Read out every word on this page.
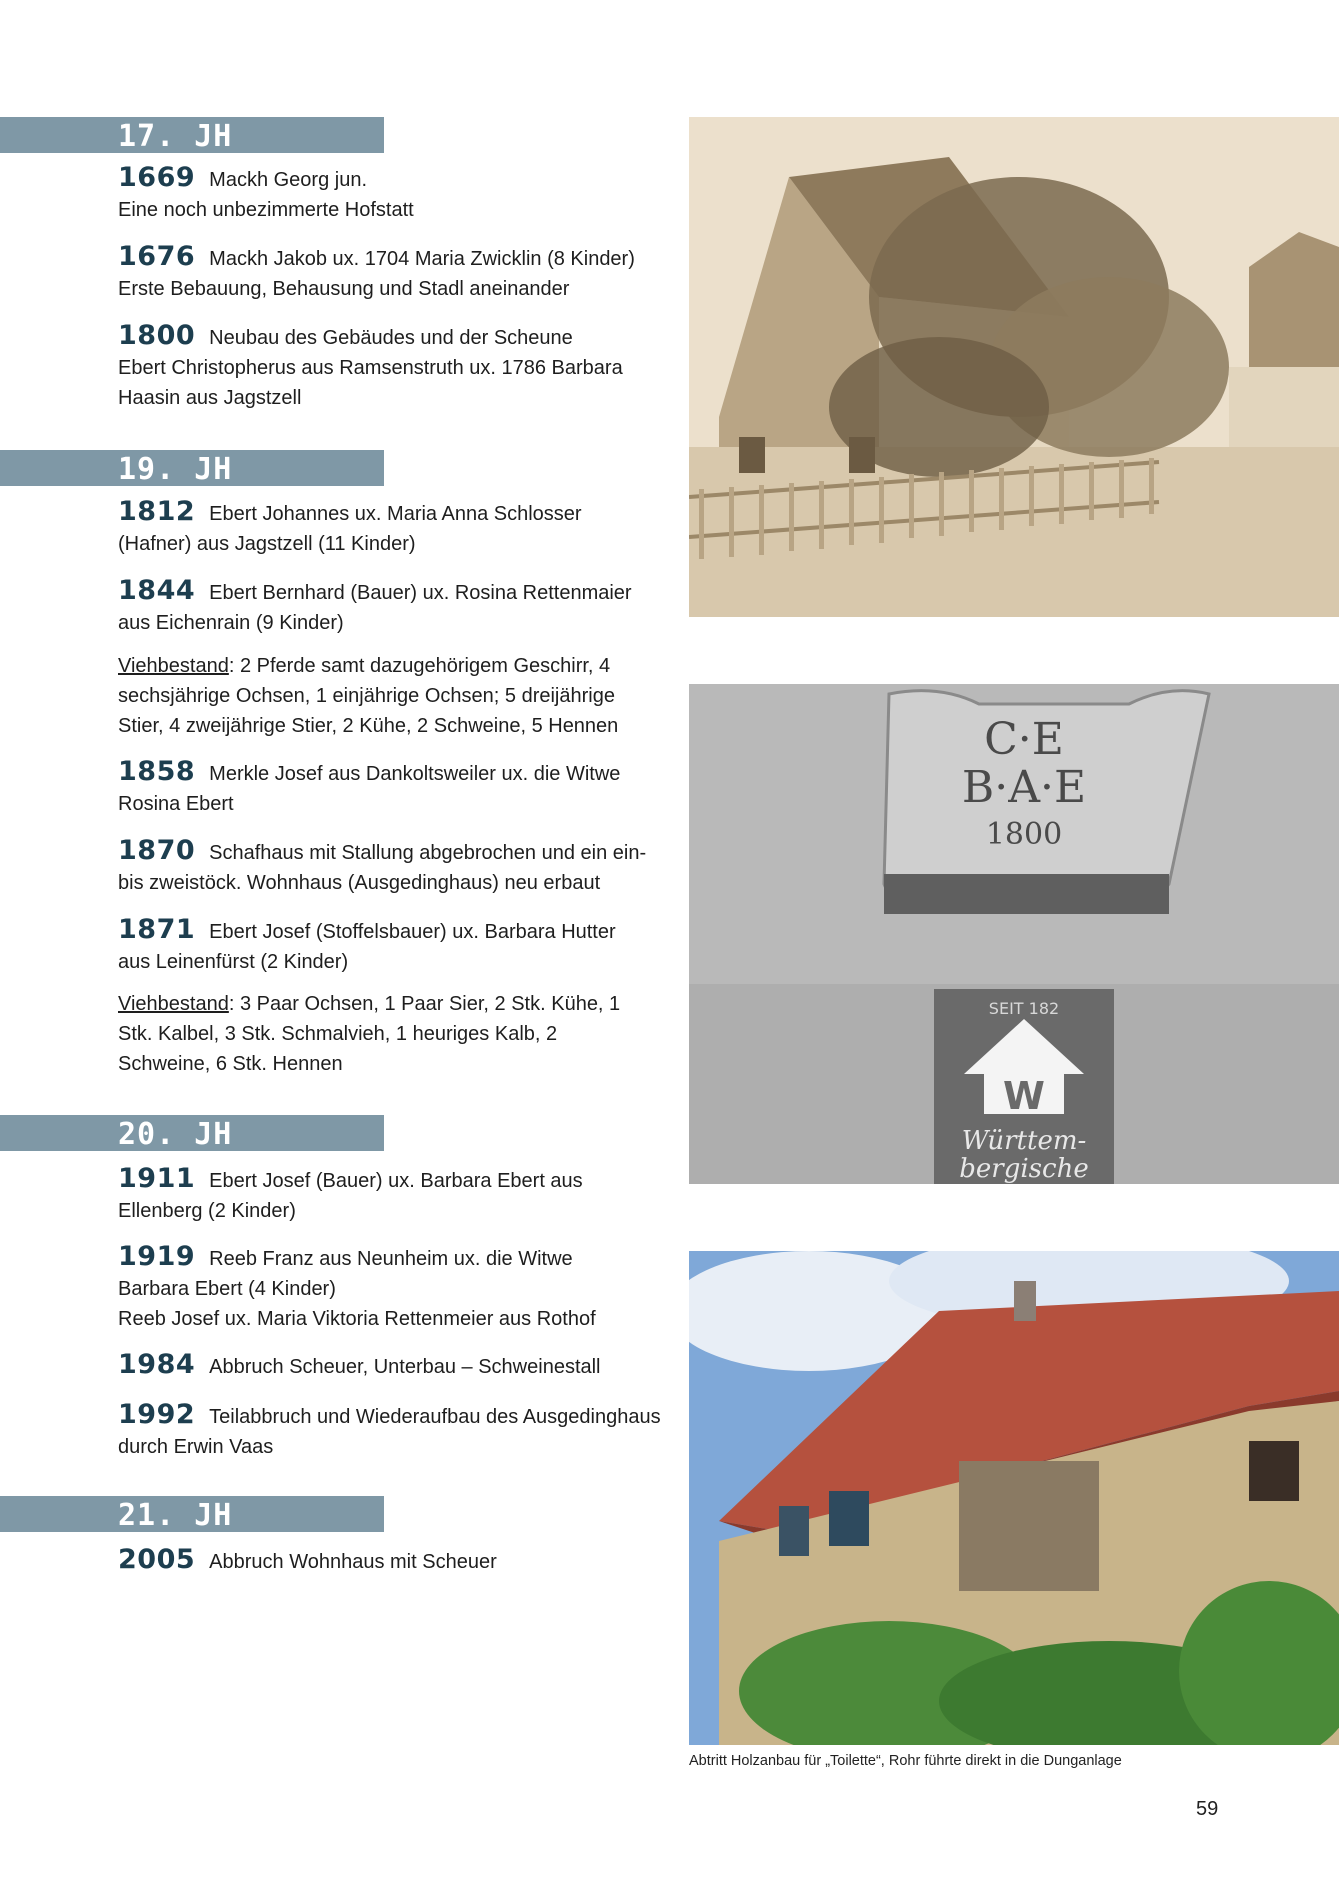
17. JH
19. JH
20. JH
21. JH
1669 Mackh Georg jun.
Eine noch unbezimmerte Hofstatt
1676 Mackh Jakob ux. 1704 Maria Zwicklin (8 Kinder)
Erste Bebauung, Behausung und Stadl aneinander
1800 Neubau des Gebäudes und der Scheune
Ebert Christopherus aus Ramsenstruth ux. 1786 Barbara Haasin aus Jagstzell
1812 Ebert Johannes ux. Maria Anna Schlosser (Hafner) aus Jagstzell (11 Kinder)
1844 Ebert Bernhard (Bauer) ux. Rosina Rettenmaier aus Eichenrain (9 Kinder)
Viehbestand: 2 Pferde samt dazugehörigem Geschirr, 4 sechsjährige Ochsen, 1 einjährige Ochsen; 5 dreijährige Stier, 4 zweijährige Stier, 2 Kühe, 2 Schweine, 5 Hennen
1858 Merkle Josef aus Dankoltsweiler ux. die Witwe Rosina Ebert
1870 Schafhaus mit Stallung abgebrochen und ein ein- bis zweistöck. Wohnhaus (Ausgedinghaus) neu erbaut
1871 Ebert Josef (Stoffelsbauer) ux. Barbara Hutter aus Leinenfürst (2 Kinder)
Viehbestand: 3 Paar Ochsen, 1 Paar Sier, 2 Stk. Kühe, 1 Stk. Kalbel, 3 Stk. Schmalvieh, 1 heuriges Kalb, 2 Schweine, 6 Stk. Hennen
1911 Ebert Josef (Bauer) ux. Barbara Ebert aus Ellenberg (2 Kinder)
1919 Reeb Franz aus Neunheim ux. die Witwe Barbara Ebert (4 Kinder)
Reeb Josef ux. Maria Viktoria Rettenmeier aus Rothof
1984 Abbruch Scheuer, Unterbau – Schweinestall
1992 Teilabbruch und Wiederaufbau des Ausgedinghaus durch Erwin Vaas
2005 Abbruch Wohnhaus mit Scheuer
C·E
B·A·E
1800
SEIT 182
W
Württem-
bergische
Abtritt Holzanbau für „Toilette“, Rohr führte direkt in die Dunganlage
59
